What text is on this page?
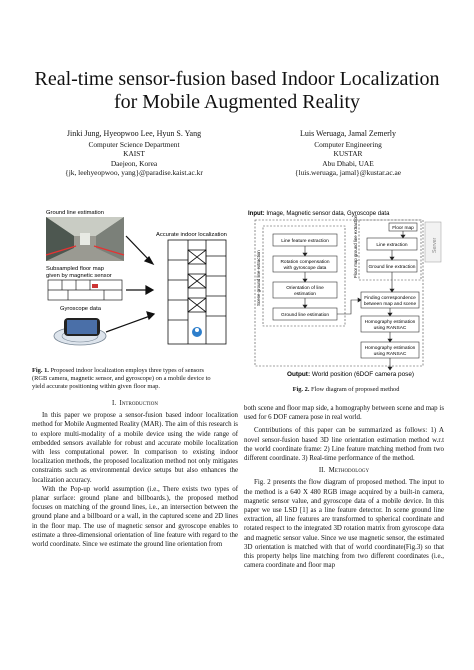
Real-time sensor-fusion based Indoor Localization
for Mobile Augmented Reality
Jinki Jung, Hyeopwoo Lee, Hyun S. Yang
Computer Science Department
KAIST
Daejeon, Korea
{jk, leehyeopwoo, yang}@paradise.kaist.ac.kr
Luis Weruaga, Jamal Zemerly
Computer Engineering
KUSTAR
Abu Dhabi, UAE
{luis.weruaga, jamal}@kustar.ac.ae
Ground line estimation
Subsampled floor map
given by magnetic sensor
Gyroscope data
Accurate indoor localization
Fig. 1. Proposed indoor localization employs three types of sensors
(RGB camera, magnetic sensor, and gyroscope) on a mobile device to
yield accurate positioning within given floor map.
Input: Image, Magnetic sensor data, Gyroscope data
Scene ground line extraction
Floor map ground line extraction	Server
Line feature extraction
Rotation compensation
with gyroscope data
Orientation of line
estimation
Ground line estimation
Floor map
Line extraction
Ground line extraction
Finding correspondence
between map and scene
Homography estimation
using RANSAC
Homography estimation
using RANSAC
Output: World position (6DOF camera pose)
Fig. 2. Flow diagram of proposed method
I. Introduction

In this paper we propose a sensor-fusion based indoor localization method for Mobile Augmented Reality (MAR). The aim of this research is to explore multi-modality of a mobile device using the wide range of embedded sensors available for robust and accurate mobile localization with less computational power. In comparison to existing indoor localization methods, the proposed localization method not only mitigates constraints such as environmental device setups but also enhances the localization accuracy.

With the Pop-up world assumption (i.e., There exists two types of planar surface: ground plane and billboards.), the proposed method focuses on matching of the ground lines, i.e., an intersection between the ground plane and a billboard or a wall, in the captured scene and 2D lines in the floor map. The use of magnetic sensor and gyroscope enables to estimate a three-dimensional orientation of line feature with regard to the world coordinate. Since we estimate the ground line orientation from

both scene and floor map side, a homography between scene and map is used for 6 DOF camera pose in real world.

Contributions of this paper can be summarized as follows: 1) A novel sensor-fusion based 3D line orientation estimation method w.r.t the world coordinate frame: 2) Line feature matching method from two different coordinate. 3) Real-time performance of the method.

II. Methodology

Fig. 2 presents the flow diagram of proposed method. The input to the method is a 640 X 480 RGB image acquired by a built-in camera, magnetic sensor value, and gyroscope data of a mobile device. In this paper we use LSD [1] as a line feature detector. In scene ground line extraction, all line features are transformed to spherical coordinate and rotated respect to the integrated 3D rotation matrix from gyroscope data and magnetic sensor value. Since we use magnetic sensor, the estimated 3D orientation is matched with that of world coordinate(Fig.3) so that this property helps line matching from two different coordinates (i.e., camera coordinate and floor map
